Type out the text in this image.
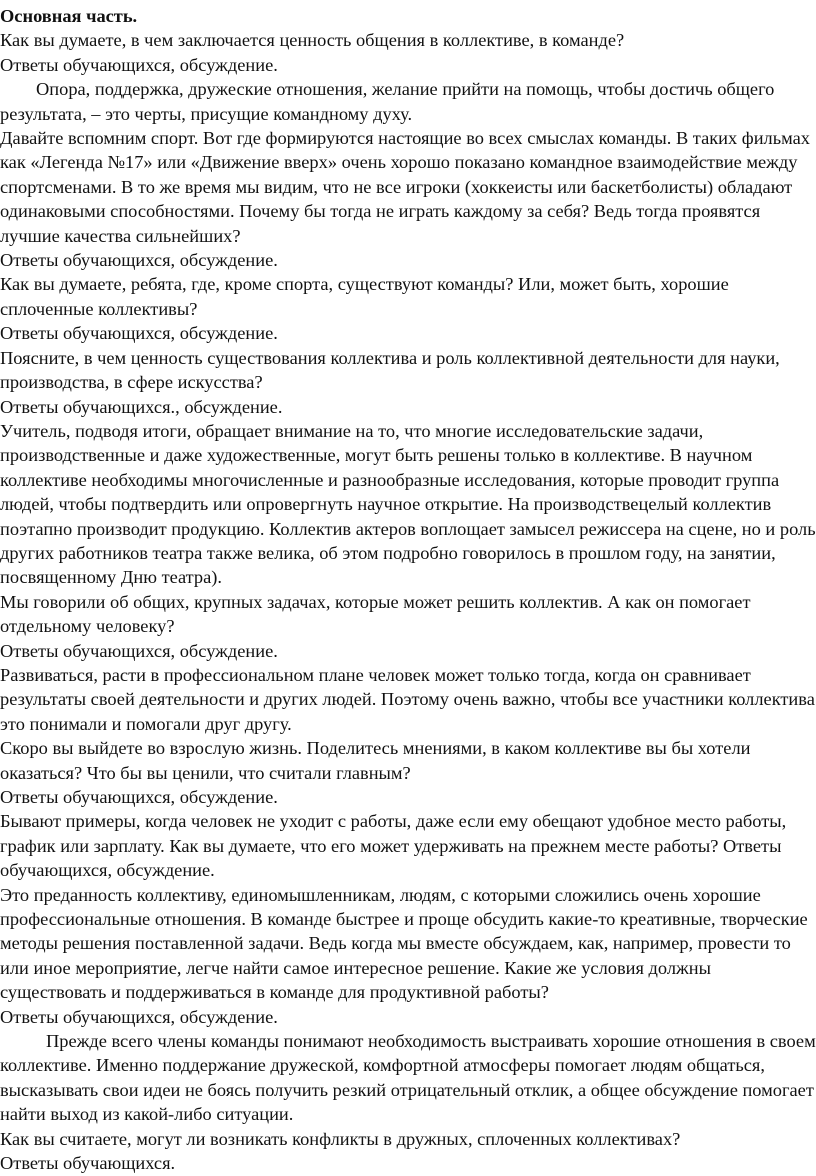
Основная часть.

Как вы думаете, в чем заключается ценность общения в коллективе, в команде?

Ответы обучающихся, обсуждение.

Опора, поддержка, дружеские отношения, желание прийти на помощь, чтобы достичь общего результата, – это черты, присущие командному духу.

Давайте вспомним спорт. Вот где формируются настоящие во всех смыслах команды. В таких фильмах как «Легенда №17» или «Движение вверх» очень хорошо показано командное взаимодействие между спортсменами. В то же время мы видим, что не все игроки (хоккеисты или баскетболисты) обладают одинаковыми способностями. Почему бы тогда не играть каждому за себя? Ведь тогда проявятся лучшие качества сильнейших?

Ответы обучающихся, обсуждение.

Как вы думаете, ребята, где, кроме спорта, существуют команды? Или, может быть, хорошие сплоченные коллективы?

Ответы обучающихся, обсуждение.

Поясните, в чем ценность существования коллектива и роль коллективной деятельности для науки, производства, в сфере искусства?

Ответы обучающихся., обсуждение.

Учитель, подводя итоги, обращает внимание на то, что многие исследовательские задачи, производственные и даже художественные, могут быть решены только в коллективе. В научном коллективе необходимы многочисленные и разнообразные исследования, которые проводит группа людей, чтобы подтвердить или опровергнуть научное открытие. На производствецелый коллектив поэтапно производит продукцию. Коллектив актеров воплощает замысел режиссера на сцене, но и роль других работников театра также велика, об этом подробно говорилось в прошлом году, на занятии, посвященному Дню театра).

Мы говорили об общих, крупных задачах, которые может решить коллектив. А как он помогает отдельному человеку?

Ответы обучающихся, обсуждение.

Развиваться, расти в профессиональном плане человек может только тогда, когда он сравнивает результаты своей деятельности и других людей. Поэтому очень важно, чтобы все участники коллектива это понимали и помогали друг другу.

Скоро вы выйдете во взрослую жизнь. Поделитесь мнениями, в каком коллективе вы бы хотели оказаться? Что бы вы ценили, что считали главным?

Ответы обучающихся, обсуждение.

Бывают примеры, когда человек не уходит с работы, даже если ему обещают удобное место работы, график или зарплату. Как вы думаете, что его может удерживать на прежнем месте работы? Ответы обучающихся, обсуждение.

Это преданность коллективу, единомышленникам, людям, с которыми сложились очень хорошие профессиональные отношения. В команде быстрее и проще обсудить какие-то креативные, творческие методы решения поставленной задачи. Ведь когда мы вместе обсуждаем, как, например, провести то или иное мероприятие, легче найти самое интересное решение. Какие же условия должны существовать и поддерживаться в команде для продуктивной работы?

Ответы обучающихся, обсуждение.

Прежде всего члены команды понимают необходимость выстраивать хорошие отношения в своем коллективе. Именно поддержание дружеской, комфортной атмосферы помогает людям общаться, высказывать свои идеи не боясь получить резкий отрицательный отклик, а общее обсуждение помогает найти выход из какой-либо ситуации.

Как вы считаете, могут ли возникать конфликты в дружных, сплоченных коллективах?

Ответы обучающихся.
